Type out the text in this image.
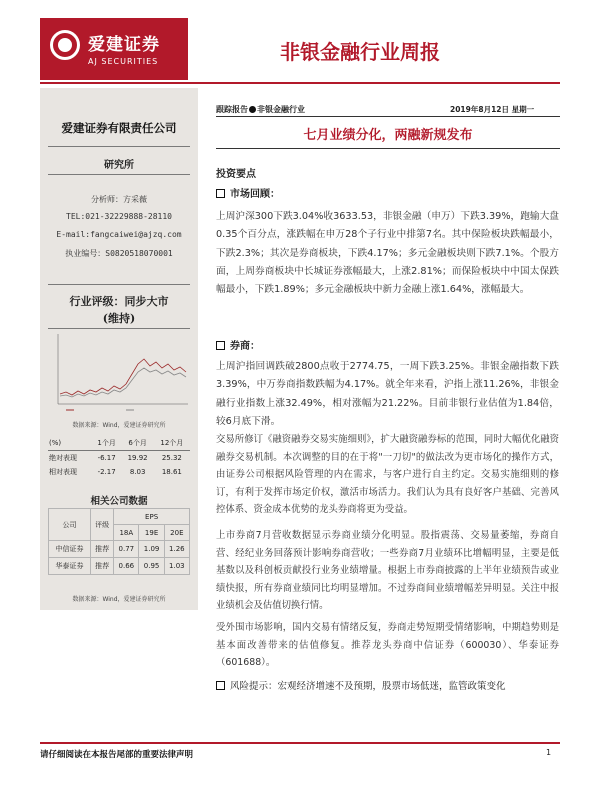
爱建证券
AJ SECURITIES	非银金融行业周报
爱建证券有限责任公司
研究所
分析师：方采薇
TEL:021-32229888-28110
E-mail:fangcaiwei@ajzq.com
执业编号：S0820518070001
行业评级：同步大市
(维持)
数据来源：Wind，爱建证券研究所
(%)	1个月	6个月	12个月
绝对表现	-6.17	19.92	25.32
相对表现	-2.17	8.03	18.61
相关公司数据
公司	评级	EPS		
		18A	19E	20E
中信证券	推荐	0.77	1.09	1.26
华泰证券	推荐	0.66	0.95	1.03
数据来源：Wind，爱建证券研究所
跟踪报告 非银金融行业	2019年8月12日 星期一
七月业绩分化，两融新规发布
投资要点
市场回顾：
上周沪深300下跌3.04%收3633.53，非银金融（申万）下跌3.39%，跑输大盘0.35个百分点，涨跌幅在申万28个子行业中排第7名。其中保险板块跌幅最小，下跌2.3%；其次是券商板块，下跌4.17%；多元金融板块则下跌7.1%。个股方面，上周券商板块中长城证券涨幅最大，上涨2.81%；而保险板块中中国太保跌幅最小，下跌1.89%；多元金融板块中新力金融上涨1.64%，涨幅最大。
券商：
上周沪指回调跌破2800点收于2774.75，一周下跌3.25%。非银金融指数下跌3.39%，中万券商指数跌幅为4.17%。就全年来看，沪指上涨11.26%，非银金融行业指数上涨32.49%，相对涨幅为21.22%。目前非银行业估值为1.84倍，较6月底下滑。
交易所修订《融资融券交易实施细则》，扩大融资融券标的范围，同时大幅优化融资融券交易机制。本次调整的目的在于将"一刀切"的做法改为更市场化的操作方式，由证券公司根据风险管理的内在需求，与客户进行自主约定。交易实施细则的修订，有利于发挥市场定价权，激活市场活力。我们认为具有良好客户基础、完善风控体系、资金成本优势的龙头券商将更为受益。
上市券商7月营收数据显示券商业绩分化明显。股指震荡、交易量萎缩，券商自营、经纪业务回落预计影响券商营收；一些券商7月业绩环比增幅明显，主要是低基数以及科创板贡献投行业务业绩增量。根据上市券商披露的上半年业绩预告或业绩快报，所有券商业绩同比均明显增加。不过券商间业绩增幅差异明显。关注中报业绩机会及估值切换行情。
受外围市场影响，国内交易有情绪反复，券商走势短期受情绪影响，中期趋势则是基本面改善带来的估值修复。推荐龙头券商中信证券（600030）、华泰证券（601688）。
风险提示：宏观经济增速不及预期，股票市场低迷，监管政策变化
请仔细阅读在本报告尾部的重要法律声明	1
